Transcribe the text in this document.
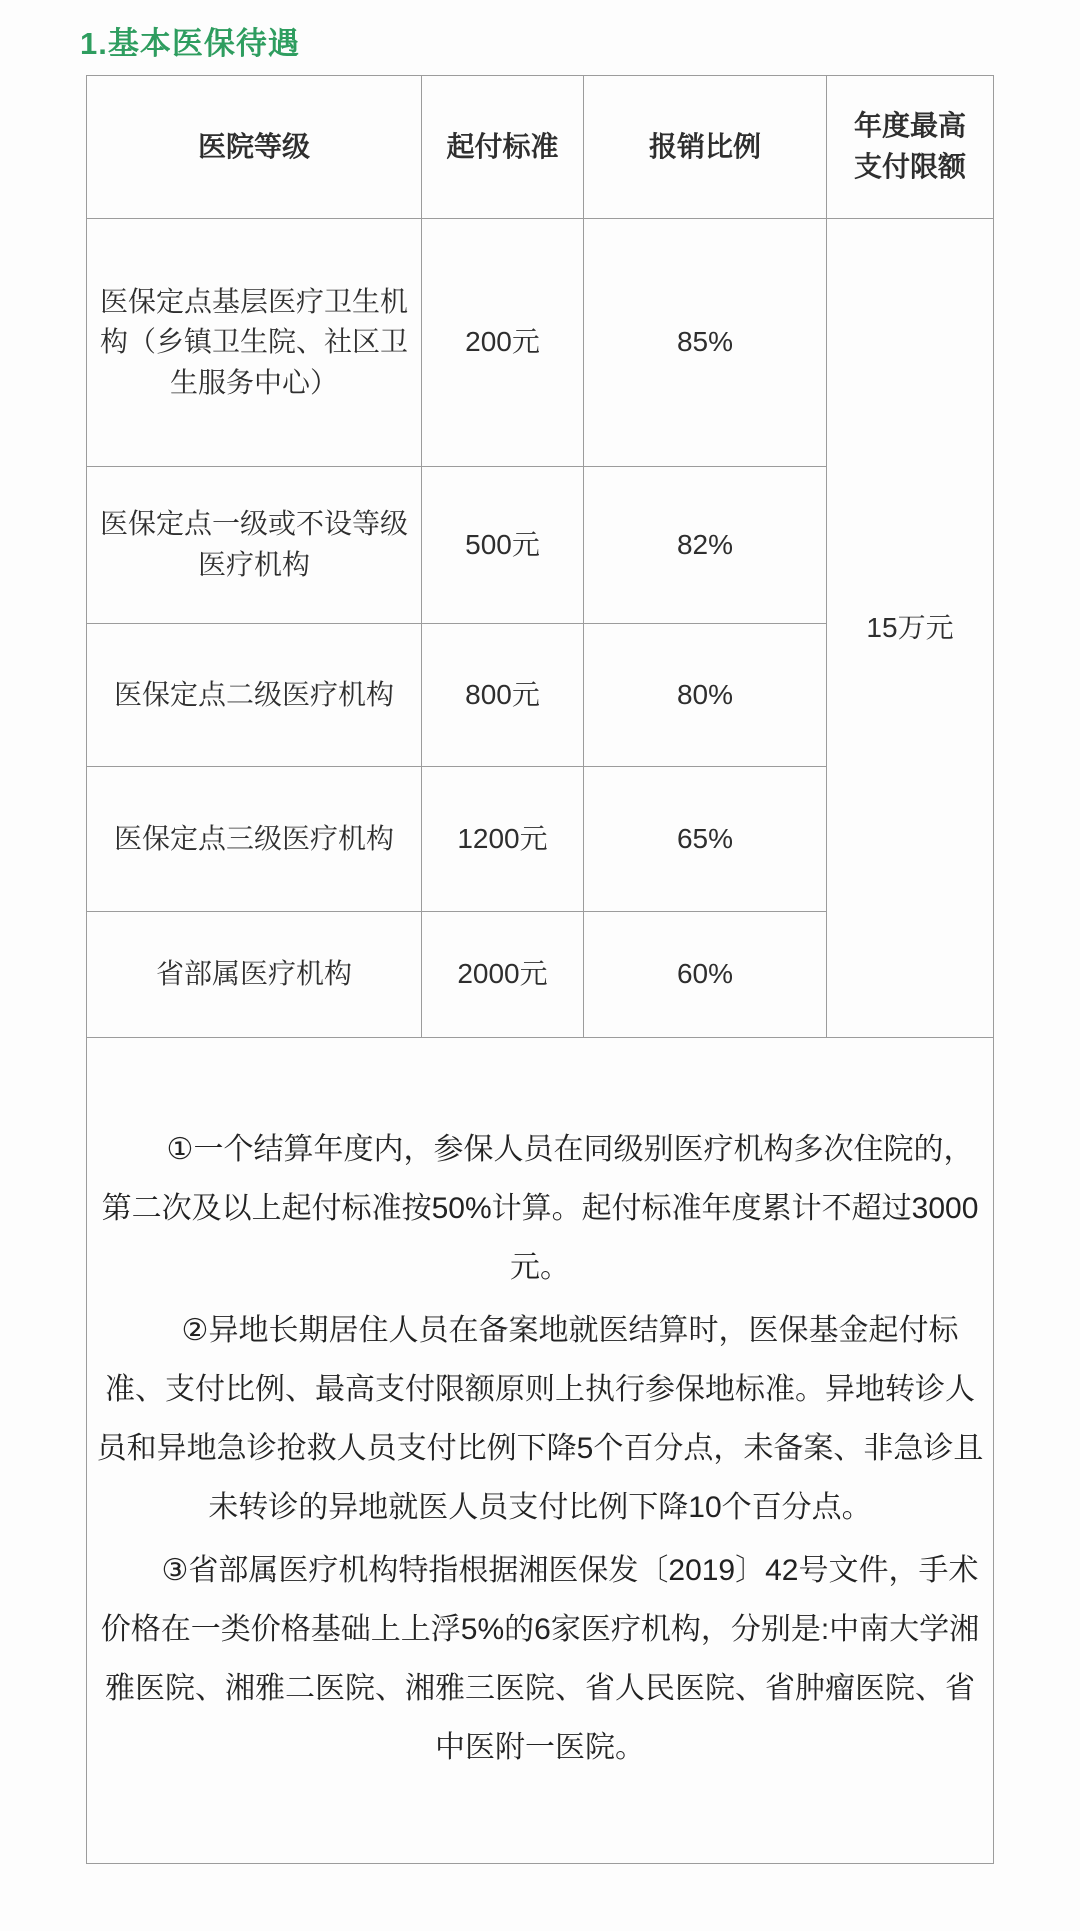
1.基本医保待遇
医院等级	起付标准	报销比例	年度最高
支付限额
医保定点基层医疗卫生机构（乡镇卫生院、社区卫生服务中心）	200元	85%	15万元
医保定点一级或不设等级医疗机构	500元	82%	
医保定点二级医疗机构	800元	80%	
医保定点三级医疗机构	1200元	65%	
省部属医疗机构	2000元	60%	

①一个结算年度内，参保人员在同级别医疗机构多次住院的，第二次及以上起付标准按50%计算。起付标准年度累计不超过3000元。

②异地长期居住人员在备案地就医结算时，医保基金起付标准、支付比例、最高支付限额原则上执行参保地标准。异地转诊人员和异地急诊抢救人员支付比例下降5个百分点，未备案、非急诊且未转诊的异地就医人员支付比例下降10个百分点。

③省部属医疗机构特指根据湘医保发〔2019〕42号文件，手术价格在一类价格基础上上浮5%的6家医疗机构，分别是:中南大学湘雅医院、湘雅二医院、湘雅三医院、省人民医院、省肿瘤医院、省中医附一医院。			
